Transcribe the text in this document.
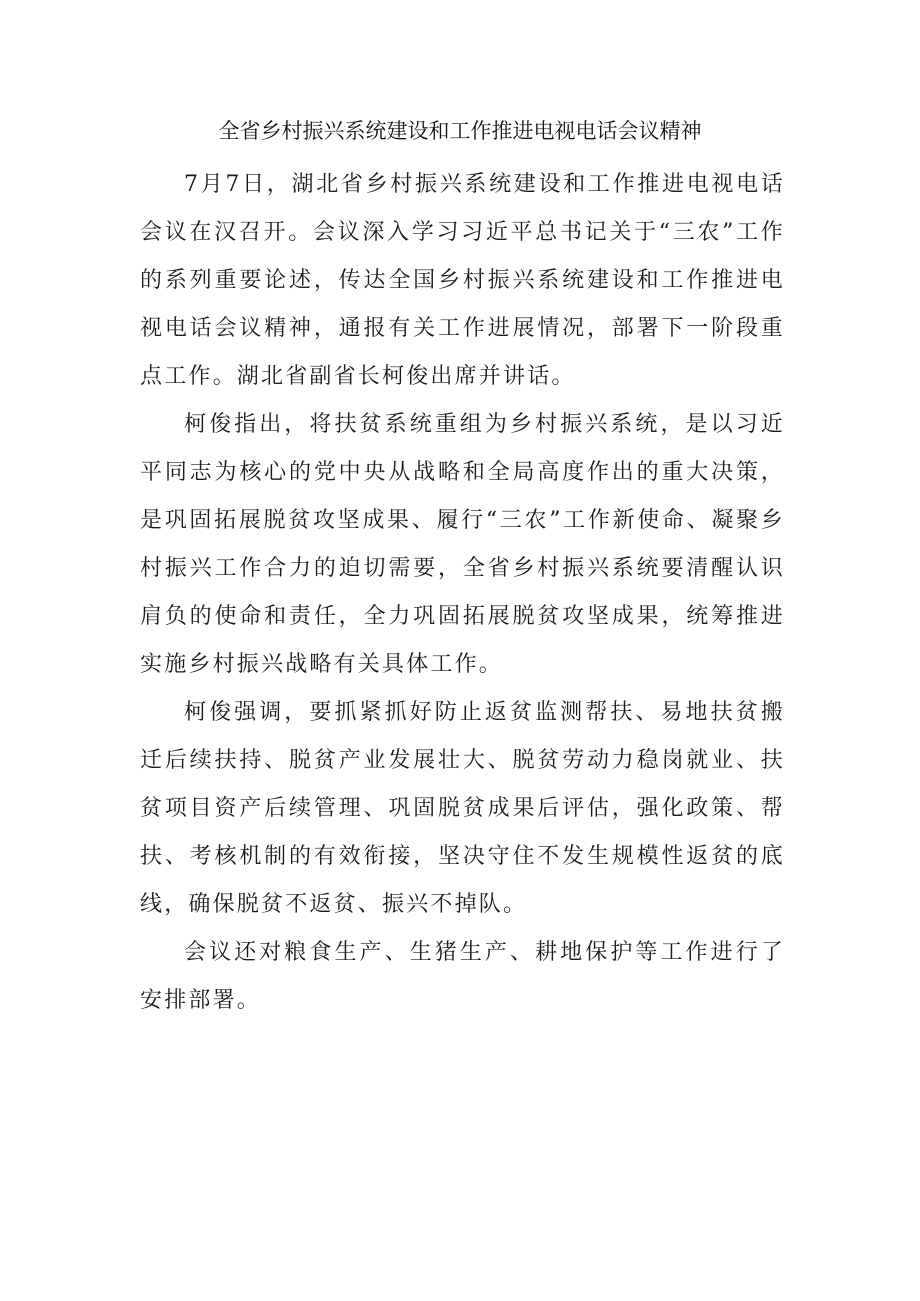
全省乡村振兴系统建设和工作推进电视电话会议精神

7月7日，湖北省乡村振兴系统建设和工作推进电视电话会议在汉召开。会议深入学习习近平总书记关于“三农”工作的系列重要论述，传达全国乡村振兴系统建设和工作推进电视电话会议精神，通报有关工作进展情况，部署下一阶段重点工作。湖北省副省长柯俊出席并讲话。

柯俊指出，将扶贫系统重组为乡村振兴系统，是以习近平同志为核心的党中央从战略和全局高度作出的重大决策，是巩固拓展脱贫攻坚成果、履行“三农”工作新使命、凝聚乡村振兴工作合力的迫切需要，全省乡村振兴系统要清醒认识肩负的使命和责任，全力巩固拓展脱贫攻坚成果，统筹推进实施乡村振兴战略有关具体工作。

柯俊强调，要抓紧抓好防止返贫监测帮扶、易地扶贫搬迁后续扶持、脱贫产业发展壮大、脱贫劳动力稳岗就业、扶贫项目资产后续管理、巩固脱贫成果后评估，强化政策、帮扶、考核机制的有效衔接，坚决守住不发生规模性返贫的底线，确保脱贫不返贫、振兴不掉队。

会议还对粮食生产、生猪生产、耕地保护等工作进行了安排部署。
